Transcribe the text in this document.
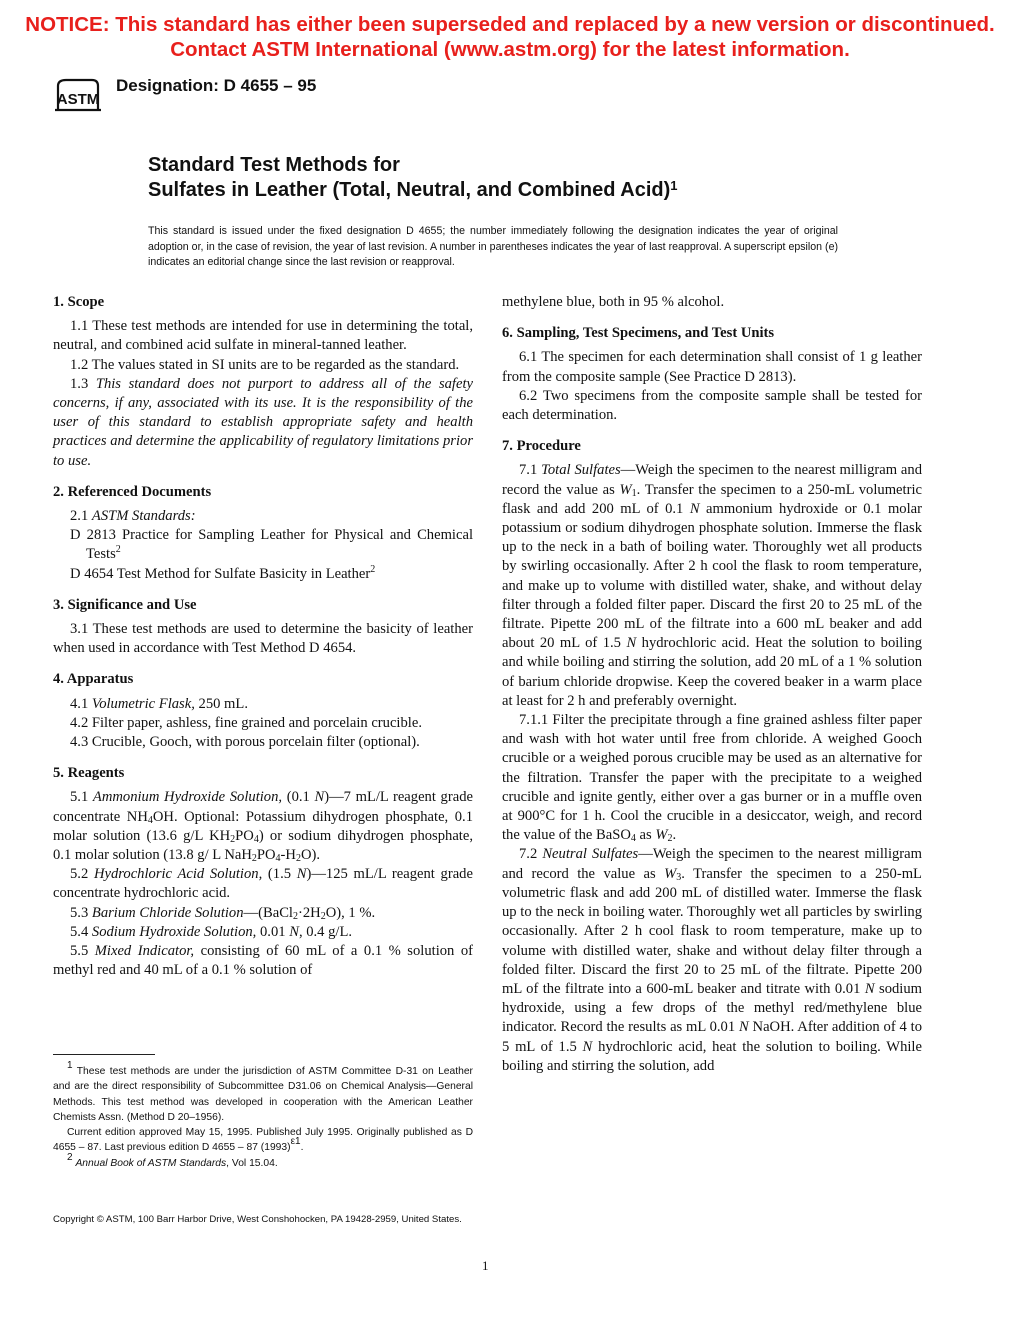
NOTICE: This standard has either been superseded and replaced by a new version or discontinued.
Contact ASTM International (www.astm.org) for the latest information.
ASTM
Designation: D 4655 – 95
Standard Test Methods for
Sulfates in Leather (Total, Neutral, and Combined Acid)$^1$
This standard is issued under the fixed designation D 4655; the number immediately following the designation indicates the year of original adoption or, in the case of revision, the year of last revision. A number in parentheses indicates the year of last reapproval. A superscript epsilon (e) indicates an editorial change since the last revision or reapproval.
1. Scope

1.1 These test methods are intended for use in determining the total, neutral, and combined acid sulfate in mineral-tanned leather.

1.2 The values stated in SI units are to be regarded as the standard.

1.3 This standard does not purport to address all of the safety concerns, if any, associated with its use. It is the responsibility of the user of this standard to establish appropriate safety and health practices and determine the applicability of regulatory limitations prior to use.

2. Referenced Documents

2.1 ASTM Standards:

D 2813 Practice for Sampling Leather for Physical and Chemical Tests$^2$

D 4654 Test Method for Sulfate Basicity in Leather$^2$

3. Significance and Use

3.1 These test methods are used to determine the basicity of leather when used in accordance with Test Method D 4654.

4. Apparatus

4.1 Volumetric Flask, 250 mL.

4.2 Filter paper, ashless, fine grained and porcelain crucible.

4.3 Crucible, Gooch, with porous porcelain filter (optional).

5. Reagents

5.1 Ammonium Hydroxide Solution, (0.1 N)—7 mL/L reagent grade concentrate $NH_4OH$. Optional: Potassium dihydrogen phosphate, 0.1 molar solution (13.6 g/L $KH_2PO_4$) or sodium dihydrogen phosphate, 0.1 molar solution (13.8 g/ L $NaH_2PO_4-H_2O$).

5.2 Hydrochloric Acid Solution, (1.5 N)—125 mL/L reagent grade concentrate hydrochloric acid.

5.3 Barium Chloride $Solution—(BaCl_2\cdot 2H_2O)$, 1 %.

5.4 Sodium Hydroxide Solution, 0.01 N, 0.4 g/L.

5.5 Mixed Indicator, consisting of 60 mL of a 0.1 % solution of methyl red and 40 mL of a 0.1 % solution of

$^1$ These test methods are under the jurisdiction of ASTM Committee D-31 on Leather and are the direct responsibility of Subcommittee D31.06 on Chemical Analysis—General Methods. This test method was developed in cooperation with the American Leather Chemists Assn. (Method D 20–1956).

Current edition approved May 15, 1995. Published July 1995. Originally published as D 4655 – 87. Last previous edition D 4655 – 87 $(1993)^{\varepsilon 1}$.

$^2$ Annual Book of ASTM Standards, Vol 15.04.

methylene blue, both in 95 % alcohol.

6. Sampling, Test Specimens, and Test Units

6.1 The specimen for each determination shall consist of 1 g leather from the composite sample (See Practice D 2813).

6.2 Two specimens from the composite sample shall be tested for each determination.

7. Procedure

7.1 Total Sulfates—Weigh the specimen to the nearest milligram and record the value as $W_1$. Transfer the specimen to a 250-mL volumetric flask and add 200 mL of 0.1 N ammonium hydroxide or 0.1 molar potassium or sodium dihydrogen phosphate solution. Immerse the flask up to the neck in a bath of boiling water. Thoroughly wet all products by swirling occasionally. After 2 h cool the flask to room temperature, and make up to volume with distilled water, shake, and without delay filter through a folded filter paper. Discard the first 20 to 25 mL of the filtrate. Pipette 200 mL of the filtrate into a 600 mL beaker and add about 20 mL of 1.5 N hydrochloric acid. Heat the solution to boiling and while boiling and stirring the solution, add 20 mL of a 1 % solution of barium chloride dropwise. Keep the covered beaker in a warm place at least for 2 h and preferably overnight.

7.1.1 Filter the precipitate through a fine grained ashless filter paper and wash with hot water until free from chloride. A weighed Gooch crucible or a weighed porous crucible may be used as an alternative for the filtration. Transfer the paper with the precipitate to a weighed crucible and ignite gently, either over a gas burner or in a muffle oven at 900°C for 1 h. Cool the crucible in a desiccator, weigh, and record the value of the BaSO$_4$ as $W_2$.

7.2 Neutral Sulfates—Weigh the specimen to the nearest milligram and record the value as $W_3$. Transfer the specimen to a 250-mL volumetric flask and add 200 mL of distilled water. Immerse the flask up to the neck in boiling water. Thoroughly wet all particles by swirling occasionally. After 2 h cool flask to room temperature, make up to volume with distilled water, shake and without delay filter through a folded filter. Discard the first 20 to 25 mL of the filtrate. Pipette 200 mL of the filtrate into a 600-mL beaker and titrate with 0.01 N sodium hydroxide, using a few drops of the methyl red/methylene blue indicator. Record the results as mL 0.01 N NaOH. After addition of 4 to 5 mL of 1.5 N hydrochloric acid, heat the solution to boiling. While boiling and stirring the solution, add

Copyright © ASTM, 100 Barr Harbor Drive, West Conshohocken, PA 19428-2959, United States.
1
